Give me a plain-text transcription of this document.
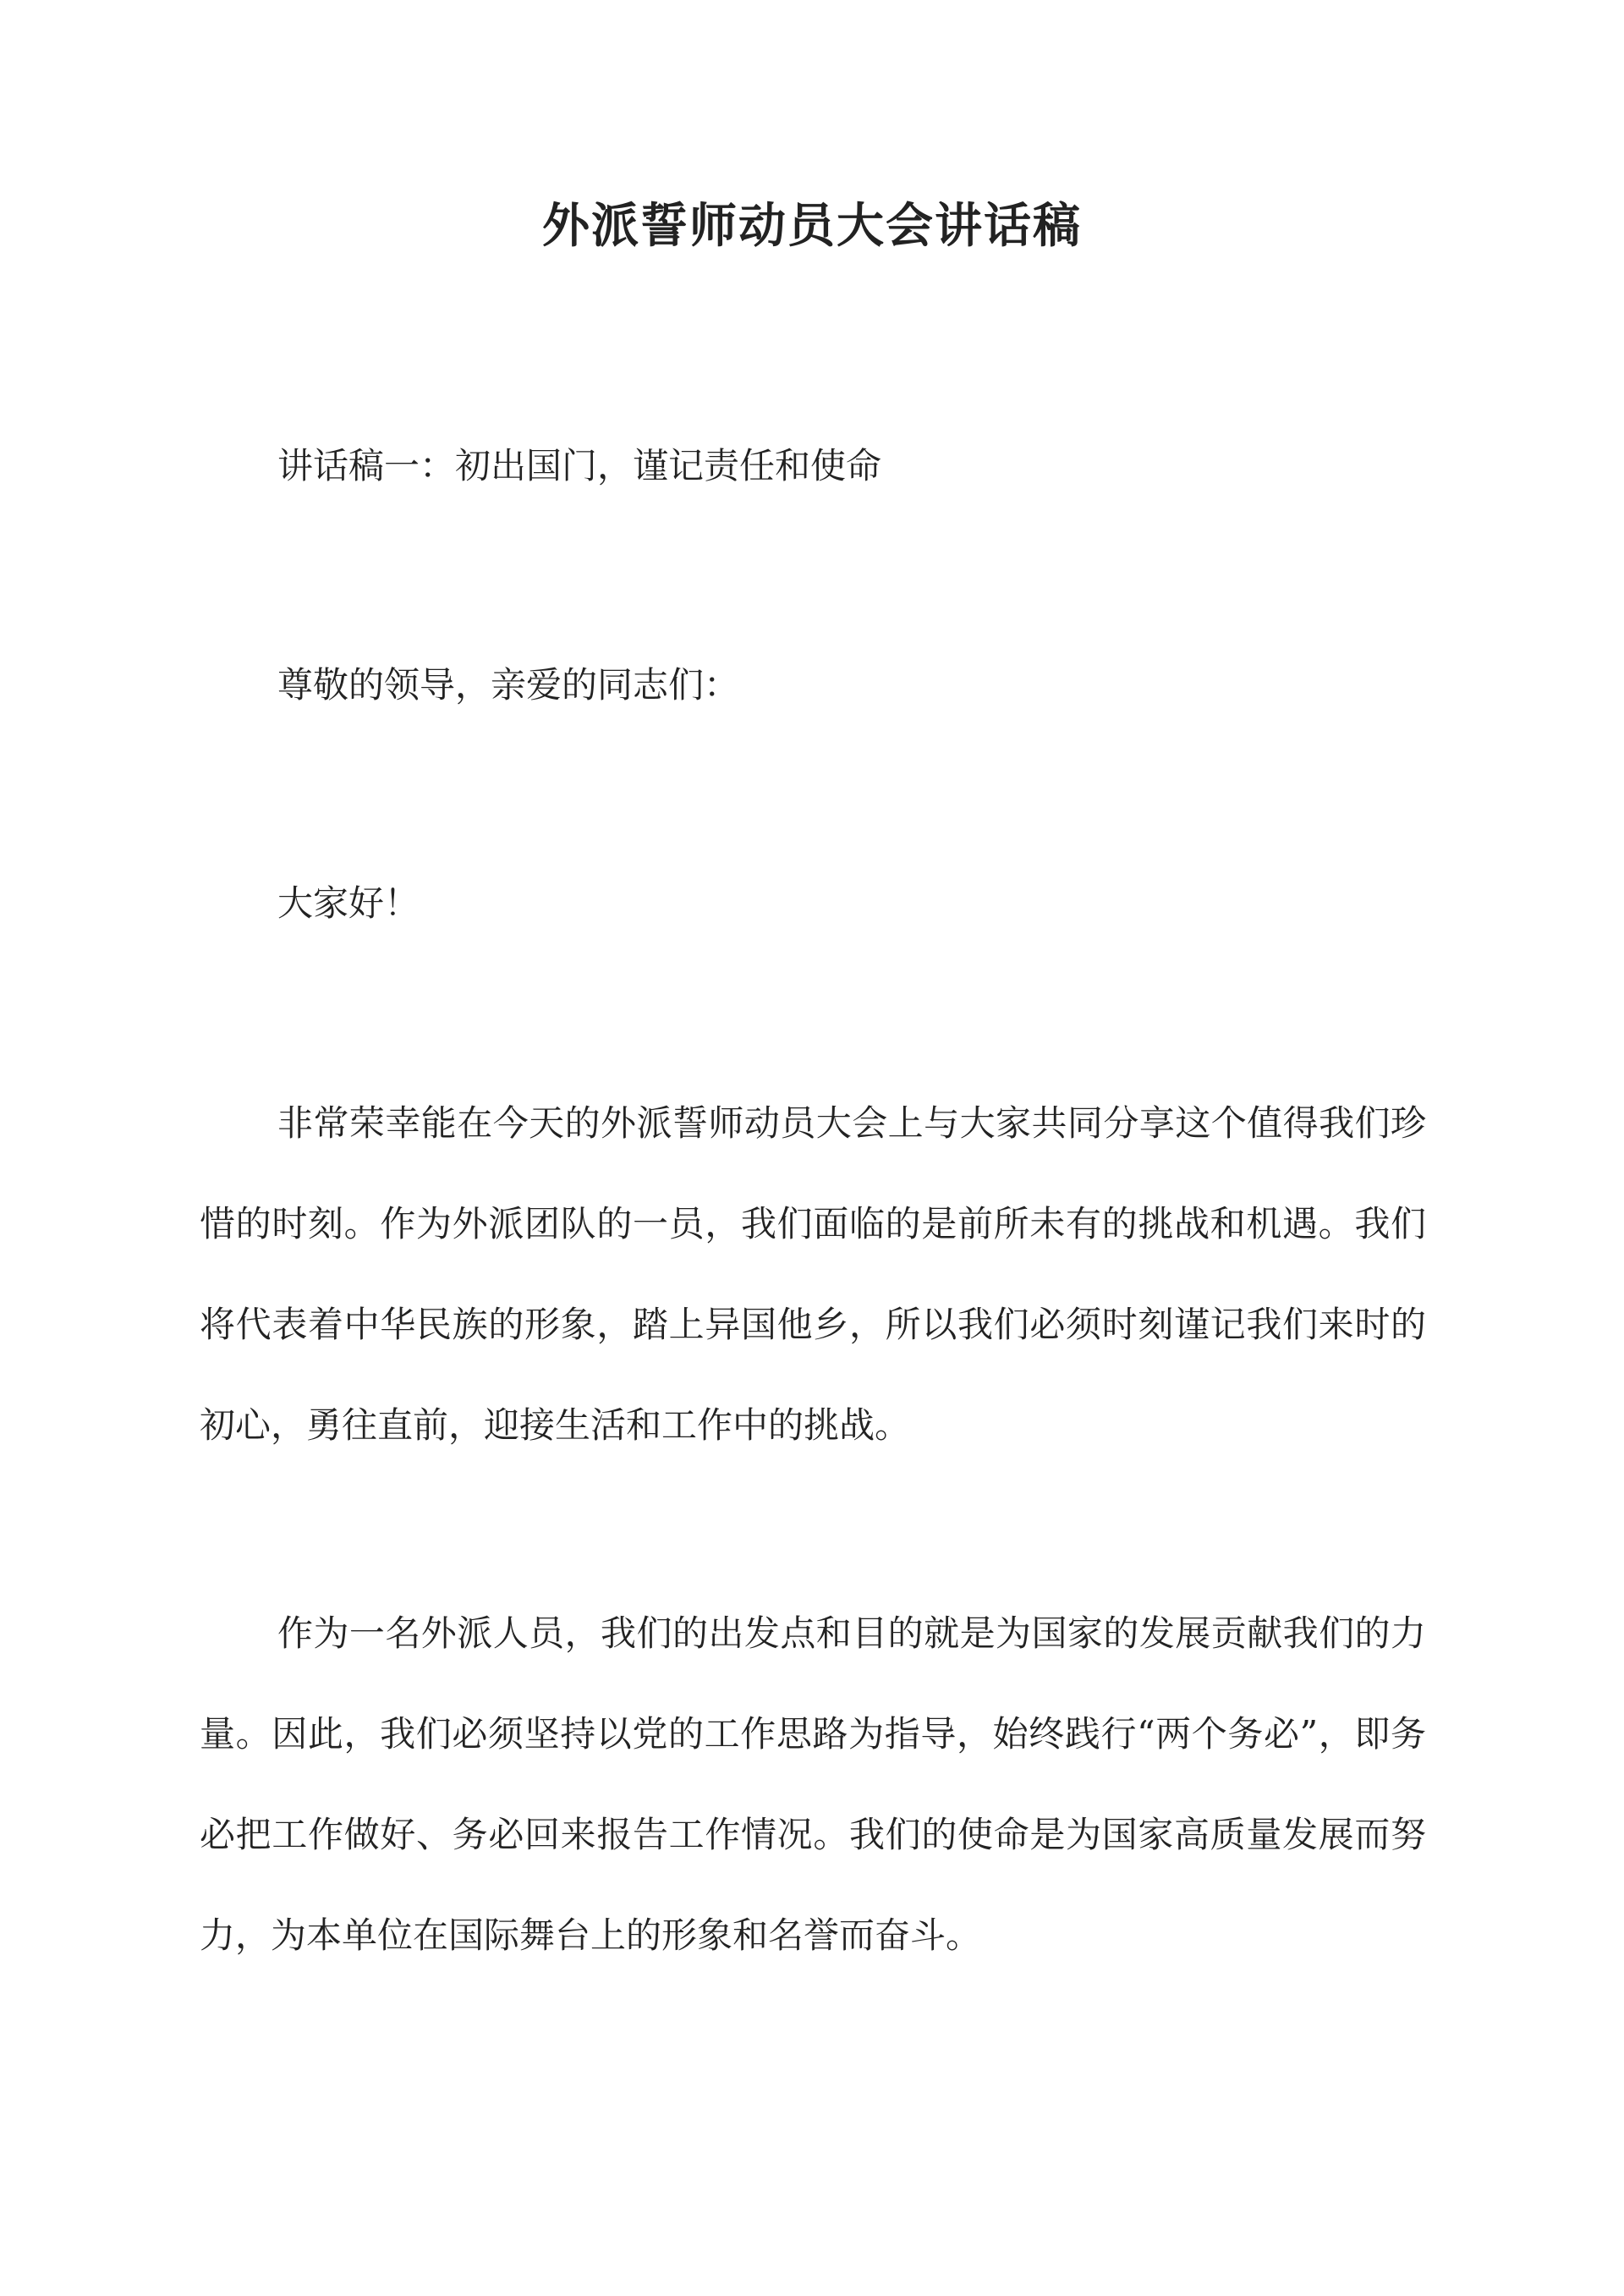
外派誓师动员大会讲话稿
讲话稿一：初出国门，谨记责任和使命
尊敬的领导，亲爱的同志们：
大家好！
非常荣幸能在今天的外派誓师动员大会上与大家共同分享这个值得我们珍惜的时刻。作为外派团队的一员，我们面临的是前所未有的挑战和机遇。我们将代表着中华民族的形象，踏上异国他乡，所以我们必须时刻谨记我们来时的初心，勇往直前，迎接生活和工作中的挑战。
作为一名外派人员，我们的出发点和目的就是为国家的发展贡献我们的力量。因此，我们必须坚持以党的工作思路为指导，始终践行“两个务必”，即务必把工作做好、务必回来报告工作情况。我们的使命是为国家高质量发展而努力，为本单位在国际舞台上的形象和名誉而奋斗。
